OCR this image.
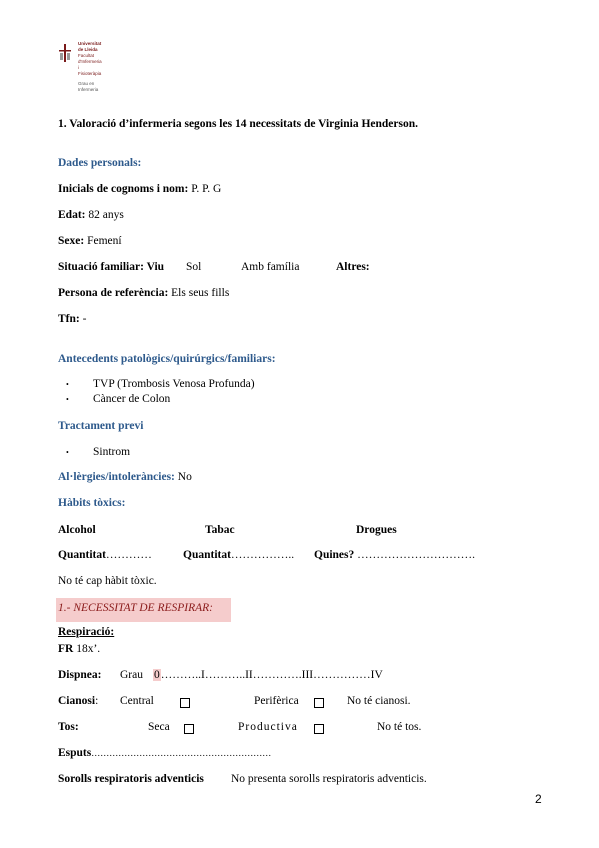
Universitat de Lleida
Facultat d'Infermeria i Fisioteràpia
Grau en Infermeria
1. Valoració d’infermeria segons les 14 necessitats de Virginia Henderson.
Dades personals:
Inicials de cognoms i nom: P. P. G
Edat: 82 anys
Sexe: Femení
Situació familiar: Viu Sol	Amb família	Altres:
Persona de referència: Els seus fills
Tfn: -
Antecedents patològics/quirúrgics/familiars:
• TVP (Trombosis Venosa Profunda)
• Càncer de Colon
Tractament previ
• Sintrom
Al·lèrgies/intoleràncies: No
Hàbits tòxics:
Alcohol	Tabac	Drogues
Quantitat…………	Quantitat…………….. Quines? ………………………….
No té cap hàbit tòxic.
1.- NECESSITAT DE RESPIRAR:
Respiració:
FR 18x’.
Dispnea: Grau 0………..I………..II………….III……………IV
Cianosi: Central	Perifèrica	No té cianosi.
Tos:	Seca	Productiva	No té tos.
Esputs……………………………………………………
Sorolls respiratoris adventicis No presenta sorolls respiratoris adventicis.
2
